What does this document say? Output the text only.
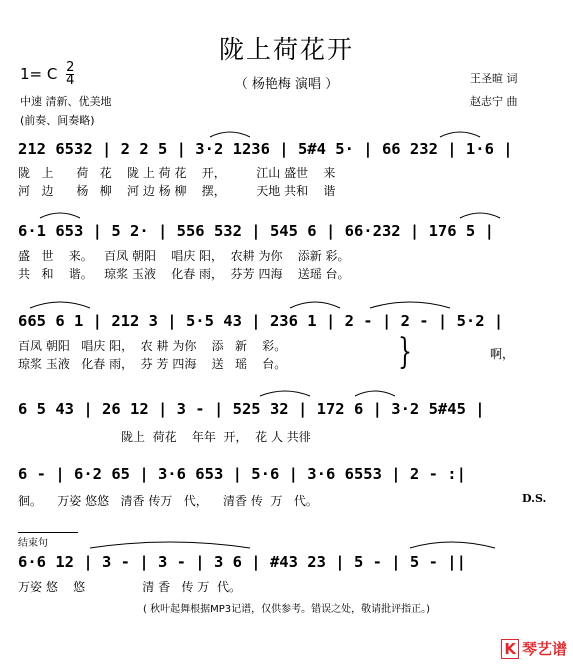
陇上荷花开
（ 杨艳梅 演唱 ）
1= C $\frac{2}{4}$
中速 清新、优美地
(前奏、间奏略)
王圣暄 词
赵志宁 曲
212 6532 | 2 2 5 | 3·2 1236 | 5#4 5· | 66 232 | 1·6 |
陇   上      荷   花    陇 上 荷 花    开，        江山 盛世    来
河   边      杨   柳    河 边 杨 柳    摆，        天地 共和    谐
6·1 653 | 5 2· | 556 532 | 545 6 | 66·232 | 176 5 |
盛   世    来。   百凤 朝阳    唱庆 阳，  农耕 为你    添新 彩。
共   和    谐。   琼浆 玉液    化春 雨，  芬芳 四海    送瑶 台。
665 6 1 | 212 3 | 5·5 43 | 236 1 | 2 - | 2 - | 5·2 |
百凤 朝阳   唱庆 阳，  农 耕 为你    添   新    彩。
琼浆 玉液   化春 雨，  芬 芳 四海    送   瑶    台。	}	啊，
6 5 43 | 26 12 | 3 - | 525 32 | 172 6 | 3·2 5#45 |
陇上  荷花    年年  开，  花 人 共徘
6 - | 6·2 65 | 3·6 653 | 5·6 | 3·6 6553 | 2 - :|
徊。    万姿 悠悠   清香 传万   代，    清香 传  万   代。	D.S.
结束句
6·6 12 | 3 - | 3 - | 3 6 | #43 23 | 5 - | 5 - ||
万姿 悠    悠               清 香   传 万  代。
( 秋叶起舞根据MP3记谱，仅供参考。错误之处，敬请批评指正。)
K 琴艺谱
